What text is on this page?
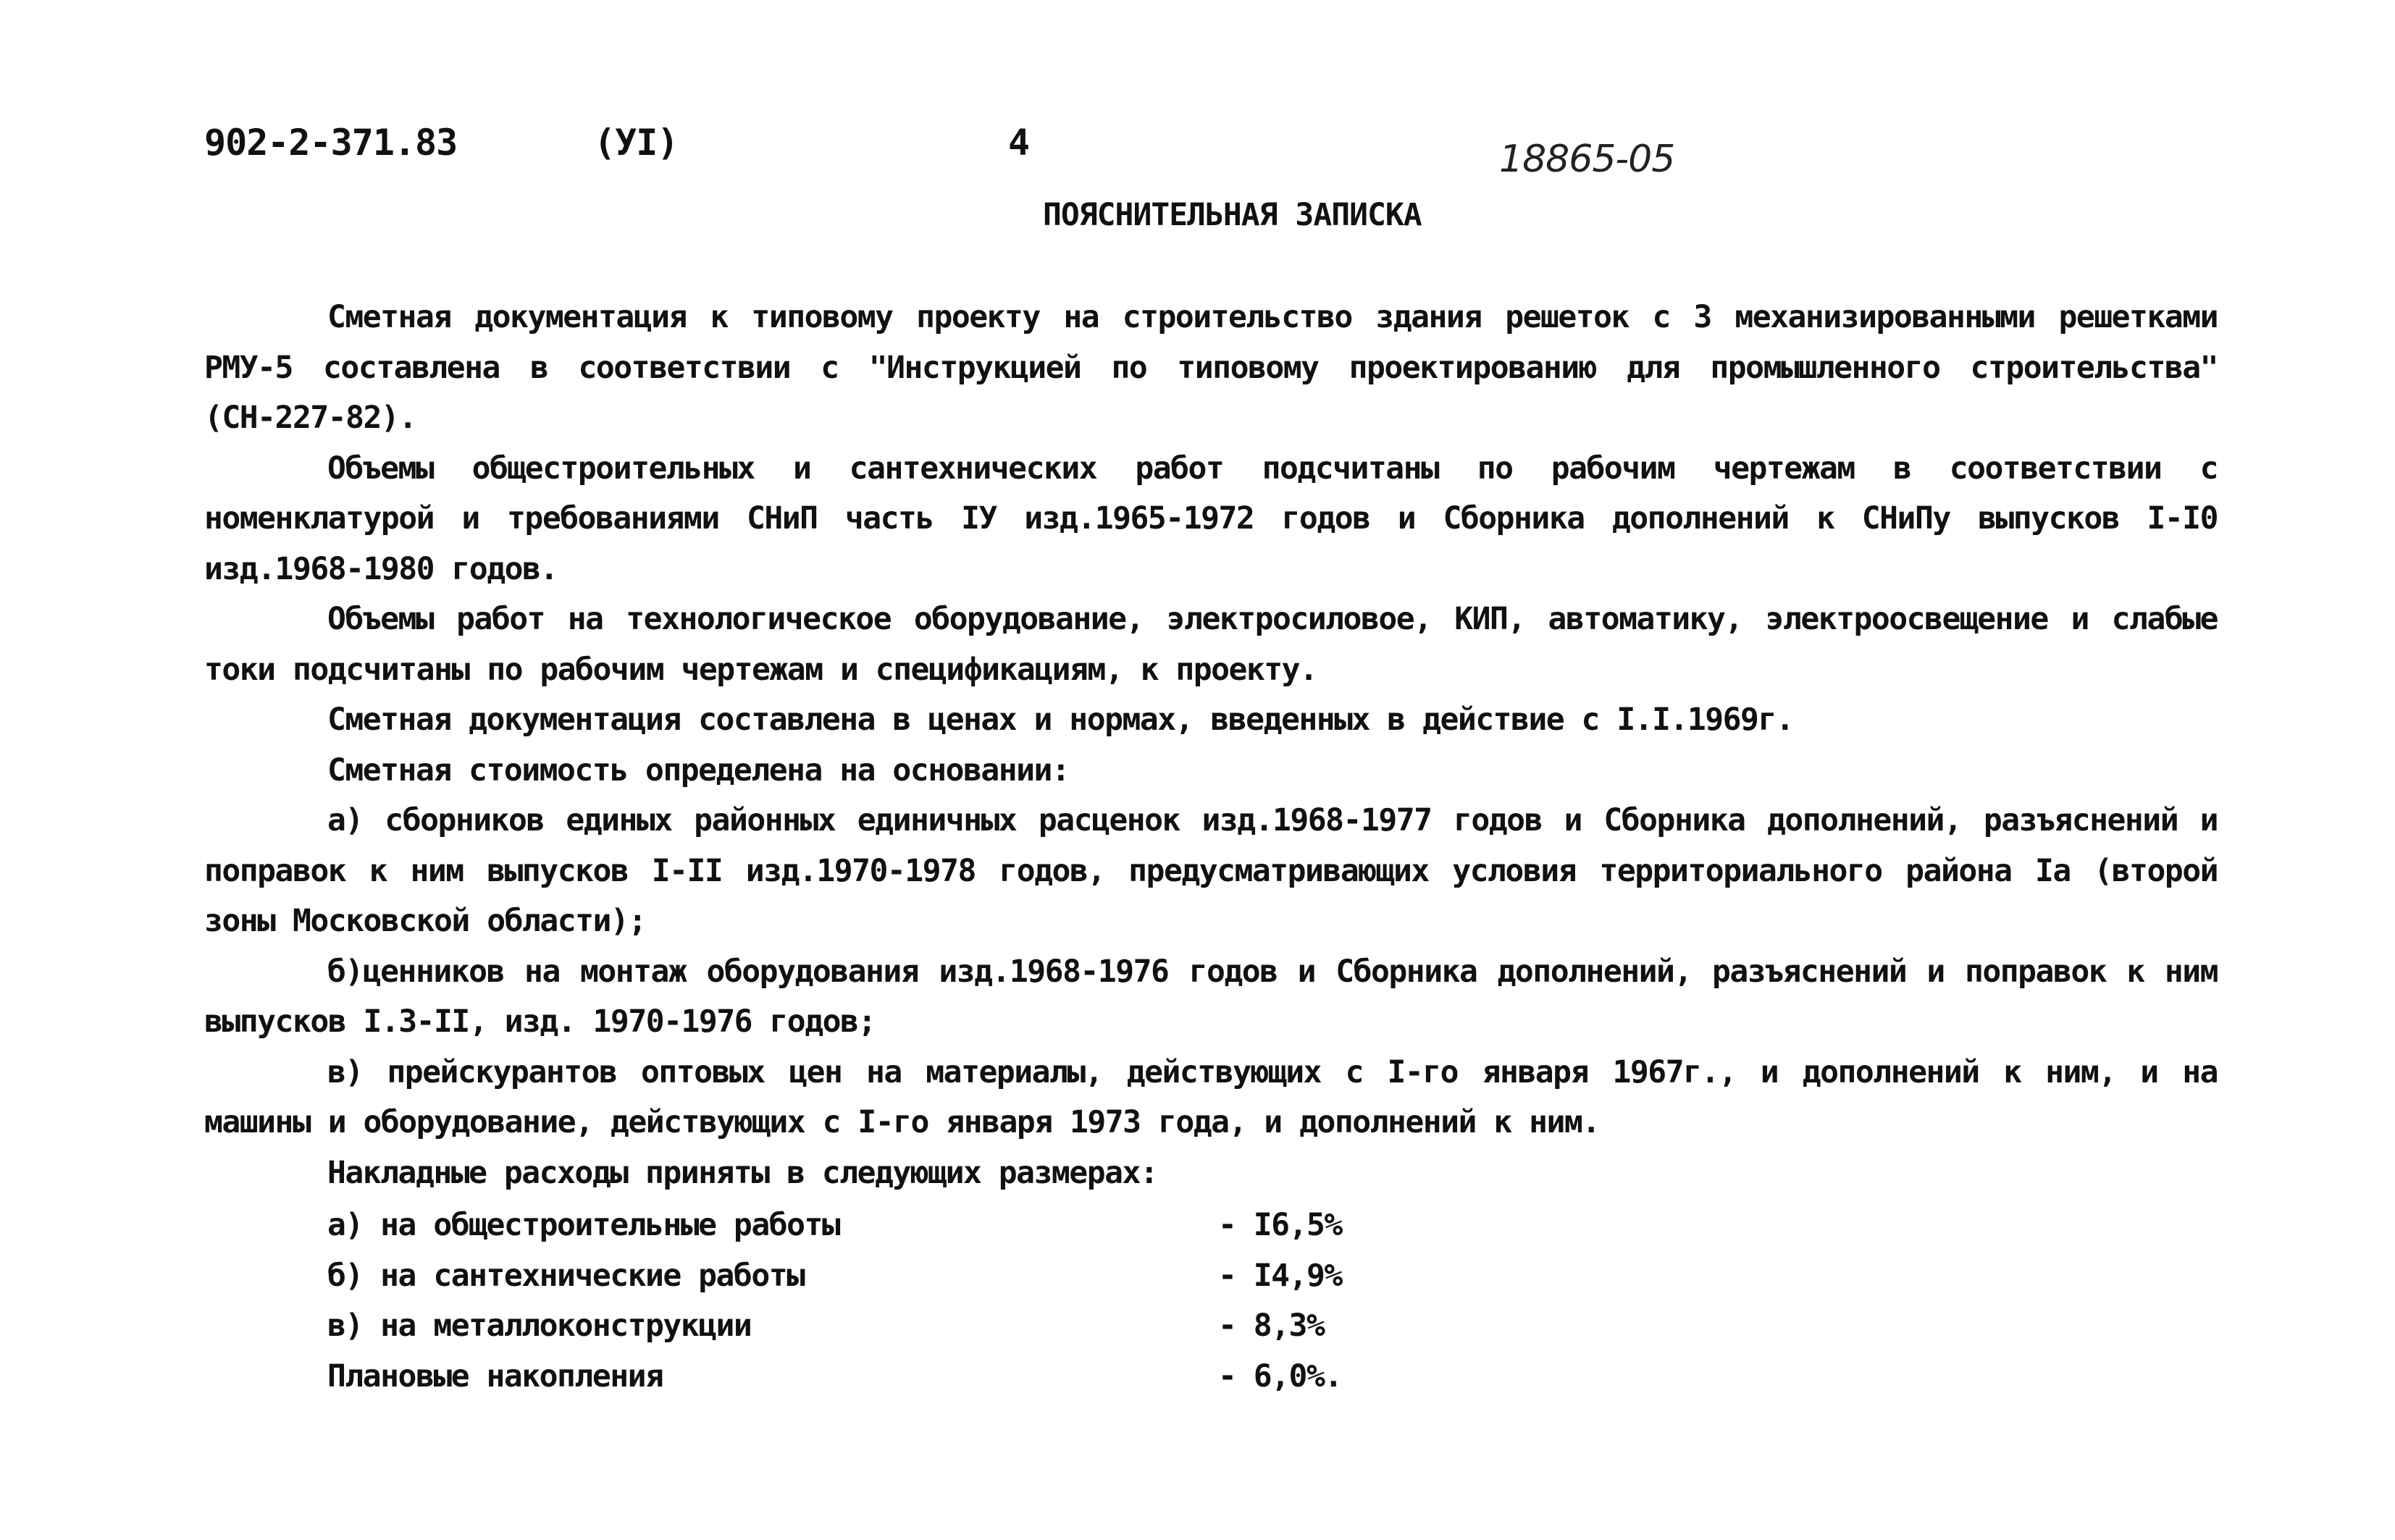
902-2-371.83	(УI)	4	18865-05
ПОЯСНИТЕЛЬНАЯ ЗАПИСКА

Сметная документация к типовому проекту на строительство здания решеток с 3 механизированными решетками РМУ-5 составлена в соответствии с "Инструкцией по типовому проектированию для промышленного строительства" (СН-227-82).

Объемы общестроительных и сантехнических работ подсчитаны по рабочим чертежам в соответствии с номенклатурой и требованиями СНиП часть IУ изд.1965-1972 годов и Сборника дополнений к СНиПу выпусков I-I0 изд.1968-1980 годов.

Объемы работ на технологическое оборудование, электросиловое, КИП, автоматику, электроосвещение и слабые токи подсчитаны по рабочим чертежам и спецификациям, к проекту.

Сметная документация составлена в ценах и нормах, введенных в действие с I.I.1969г.

Сметная стоимость определена на основании:

а) сборников единых районных единичных расценок изд.1968-1977 годов и Сборника дополнений, разъяснений и поправок к ним выпусков I-II изд.1970-1978 годов, предусматривающих условия территориального района Iа (второй зоны Московской области);

б)ценников на монтаж оборудования изд.1968-1976 годов и Сборника дополнений, разъяснений и поправок к ним выпусков I.3-II, изд. 1970-1976 годов;

в) прейскурантов оптовых цен на материалы, действующих с I-го января 1967г., и дополнений к ним, и на машины и оборудование, действующих с I-го января 1973 года, и дополнений к ним.

Накладные расходы приняты в следующих размерах:

а) на общестроительные работы	- I6,5%
б) на сантехнические работы	- I4,9%
в) на металлоконструкции	- 8,3%
Плановые накопления	- 6,0%.
